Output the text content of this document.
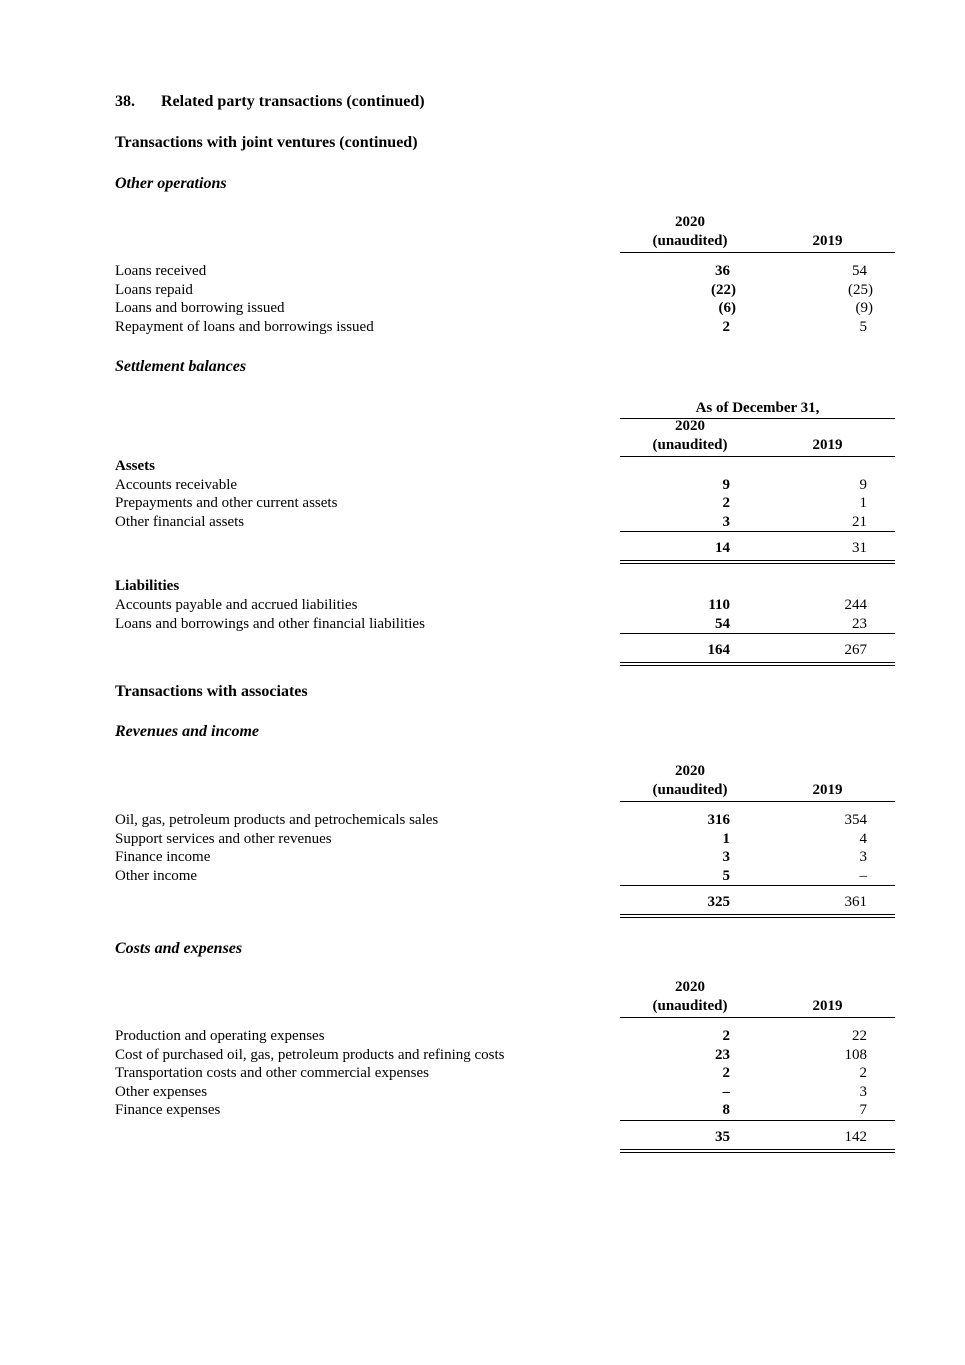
38. Related party transactions (continued)
Transactions with joint ventures (continued)
Other operations
2020
(unaudited)	2019
Loans received	36	54
Loans repaid	(22)	(25)
Loans and borrowing issued	(6)	(9)
Repayment of loans and borrowings issued	2	5
Settlement balances
As of December 31,
2020
(unaudited)	2019
Assets
Accounts receivable	9	9
Prepayments and other current assets	2	1
Other financial assets	3	21
14	31
Liabilities
Accounts payable and accrued liabilities	110	244
Loans and borrowings and other financial liabilities	54	23
164	267
Transactions with associates
Revenues and income
2020
(unaudited)	2019
Oil, gas, petroleum products and petrochemicals sales	316	354
Support services and other revenues	1	4
Finance income	3	3
Other income	5	–
325	361
Costs and expenses
2020
(unaudited)	2019
Production and operating expenses	2	22
Cost of purchased oil, gas, petroleum products and refining costs	23	108
Transportation costs and other commercial expenses	2	2
Other expenses	–	3
Finance expenses	8	7
35	142
